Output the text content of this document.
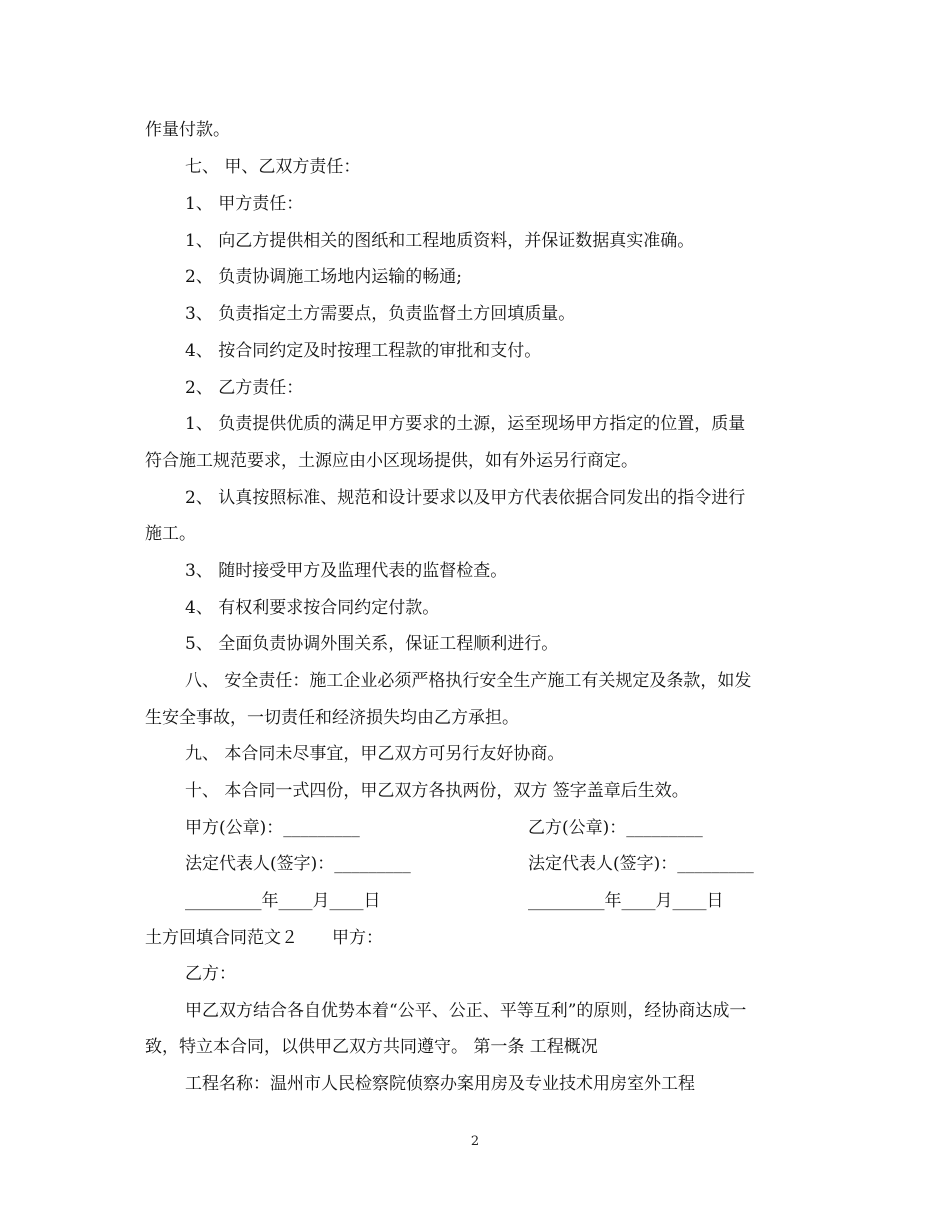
作量付款。
七、 甲、乙双方责任：
1、 甲方责任：
1、 向乙方提供相关的图纸和工程地质资料，并保证数据真实准确。
2、 负责协调施工场地内运输的畅通;
3、 负责指定土方需要点，负责监督土方回填质量。
4、 按合同约定及时按理工程款的审批和支付。
2、 乙方责任：
1、 负责提供优质的满足甲方要求的土源，运至现场甲方指定的位置，质量
符合施工规范要求，土源应由小区现场提供，如有外运另行商定。
2、 认真按照标准、规范和设计要求以及甲方代表依据合同发出的指令进行
施工。
3、 随时接受甲方及监理代表的监督检查。
4、 有权利要求按合同约定付款。
5、 全面负责协调外围关系，保证工程顺利进行。
八、 安全责任：施工企业必须严格执行安全生产施工有关规定及条款，如发
生安全事故，一切责任和经济损失均由乙方承担。
九、 本合同未尽事宜，甲乙双方可另行友好协商。
十、 本合同一式四份，甲乙双方各执两份，双方 签字盖章后生效。
甲方(公章)：_________	乙方(公章)：_________
法定代表人(签字)：_________	法定代表人(签字)：_________
_________年____月____日	_________年____月____日
土方回填合同范文２　　甲方：
乙方：
甲乙双方结合各自优势本着“公平、公正、平等互利”的原则，经协商达成一
致，特立本合同，以供甲乙双方共同遵守。 第一条 工程概况
工程名称：温州市人民检察院侦察办案用房及专业技术用房室外工程
2
